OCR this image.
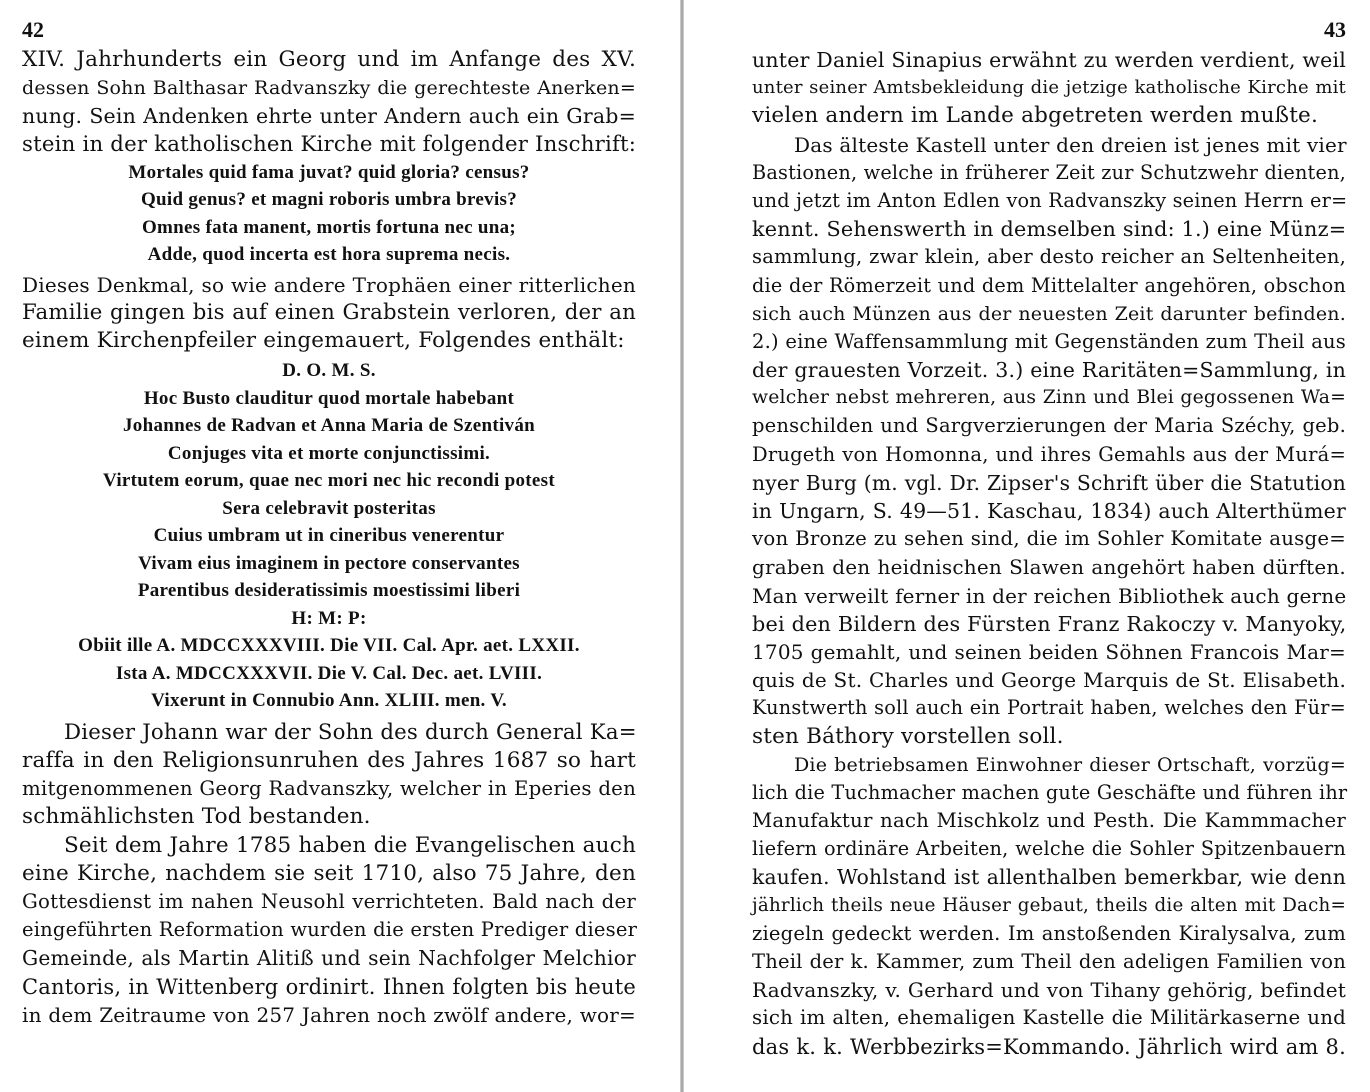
42
XIV. Jahrhunderts ein Georg und im Anfange des XV.
dessen Sohn Balthasar Radvanszky die gerechteste Anerken=
nung. Sein Andenken ehrte unter Andern auch ein Grab=
stein in der katholischen Kirche mit folgender Inschrift:
Mortales quid fama juvat? quid gloria? census?
Quid genus? et magni roboris umbra brevis?
Omnes fata manent, mortis fortuna nec una;
Adde, quod incerta est hora suprema necis.
Dieses Denkmal, so wie andere Trophäen einer ritterlichen
Familie gingen bis auf einen Grabstein verloren, der an
einem Kirchenpfeiler eingemauert, Folgendes enthält:
D. O. M. S.
Hoc Busto clauditur quod mortale habebant
Johannes de Radvan et Anna Maria de Szentiván
Conjuges vita et morte conjunctissimi.
Virtutem eorum, quae nec mori nec hic recondi potest
Sera celebravit posteritas
Cuius umbram ut in cineribus venerentur
Vivam eius imaginem in pectore conservantes
Parentibus desideratissimis moestissimi liberi
H: M: P:
Obiit ille A. MDCCXXXVIII. Die VII. Cal. Apr. aet. LXXII.
Ista A. MDCCXXXVII. Die V. Cal. Dec. aet. LVIII.
Vixerunt in Connubio Ann. XLIII. men. V.
Dieser Johann war der Sohn des durch General Ka=
raffa in den Religionsunruhen des Jahres 1687 so hart
mitgenommenen Georg Radvanszky, welcher in Eperies den
schmählichsten Tod bestanden.
Seit dem Jahre 1785 haben die Evangelischen auch
eine Kirche, nachdem sie seit 1710, also 75 Jahre, den
Gottesdienst im nahen Neusohl verrichteten. Bald nach der
eingeführten Reformation wurden die ersten Prediger dieser
Gemeinde, als Martin Alitiß und sein Nachfolger Melchior
Cantoris, in Wittenberg ordinirt. Ihnen folgten bis heute
in dem Zeitraume von 257 Jahren noch zwölf andere, wor=
43
unter Daniel Sinapius erwähnt zu werden verdient, weil
unter seiner Amtsbekleidung die jetzige katholische Kirche mit
vielen andern im Lande abgetreten werden mußte.
Das älteste Kastell unter den dreien ist jenes mit vier
Bastionen, welche in früherer Zeit zur Schutzwehr dienten,
und jetzt im Anton Edlen von Radvanszky seinen Herrn er=
kennt. Sehenswerth in demselben sind: 1.) eine Münz=
sammlung, zwar klein, aber desto reicher an Seltenheiten,
die der Römerzeit und dem Mittelalter angehören, obschon
sich auch Münzen aus der neuesten Zeit darunter befinden.
2.) eine Waffensammlung mit Gegenständen zum Theil aus
der grauesten Vorzeit. 3.) eine Raritäten=Sammlung, in
welcher nebst mehreren, aus Zinn und Blei gegossenen Wa=
penschilden und Sargverzierungen der Maria Széchy, geb.
Drugeth von Homonna, und ihres Gemahls aus der Murá=
nyer Burg (m. vgl. Dr. Zipser's Schrift über die Statution
in Ungarn, S. 49—51. Kaschau, 1834) auch Alterthümer
von Bronze zu sehen sind, die im Sohler Komitate ausge=
graben den heidnischen Slawen angehört haben dürften.
Man verweilt ferner in der reichen Bibliothek auch gerne
bei den Bildern des Fürsten Franz Rakoczy v. Manyoky,
1705 gemahlt, und seinen beiden Söhnen Francois Mar=
quis de St. Charles und George Marquis de St. Elisabeth.
Kunstwerth soll auch ein Portrait haben, welches den Für=
sten Báthory vorstellen soll.
Die betriebsamen Einwohner dieser Ortschaft, vorzüg=
lich die Tuchmacher machen gute Geschäfte und führen ihr
Manufaktur nach Mischkolz und Pesth. Die Kammmacher
liefern ordinäre Arbeiten, welche die Sohler Spitzenbauern
kaufen. Wohlstand ist allenthalben bemerkbar, wie denn
jährlich theils neue Häuser gebaut, theils die alten mit Dach=
ziegeln gedeckt werden. Im anstoßenden Kiralysalva, zum
Theil der k. Kammer, zum Theil den adeligen Familien von
Radvanszky, v. Gerhard und von Tihany gehörig, befindet
sich im alten, ehemaligen Kastelle die Militärkaserne und
das k. k. Werbbezirks=Kommando. Jährlich wird am 8.
